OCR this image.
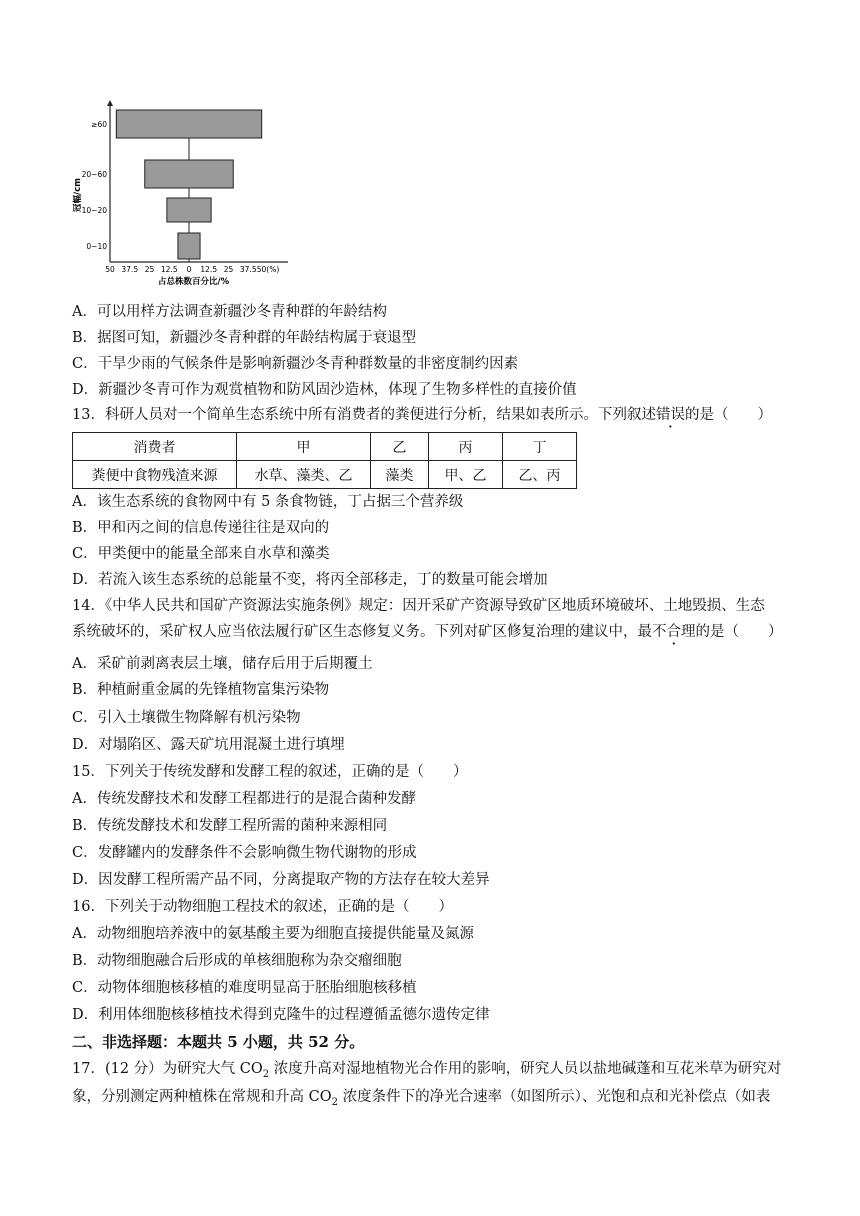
≥60
20~60
10~20
0~10
50 37.5 25 12.5 0 12.5 25 37.5 50(%)
冠幅/cm
占总株数百分比/%
A．可以用样方法调查新疆沙冬青种群的年龄结构
B．据图可知，新疆沙冬青种群的年龄结构属于衰退型
C．干旱少雨的气候条件是影响新疆沙冬青种群数量的非密度制约因素
D．新疆沙冬青可作为观赏植物和防风固沙造林，体现了生物多样性的直接价值
13．科研人员对一个简单生态系统中所有消费者的粪便进行分析，结果如表所示。下列叙述错误的是（　　）
消费者	甲	乙	丙	丁
粪便中食物残渣来源	水草、藻类、乙	藻类	甲、乙	乙、丙
A．该生态系统的食物网中有 5 条食物链，丁占据三个营养级
B．甲和丙之间的信息传递往往是双向的
C．甲类便中的能量全部来自水草和藻类
D．若流入该生态系统的总能量不变，将丙全部移走，丁的数量可能会增加
14．《中华人民共和国矿产资源法实施条例》规定：因开采矿产资源导致矿区地质环境破坏、土地毁损、生态
系统破坏的，采矿权人应当依法履行矿区生态修复义务。下列对矿区修复治理的建议中，最不合理的是（　　）
A．采矿前剥离表层土壤，储存后用于后期覆土
B．种植耐重金属的先锋植物富集污染物
C．引入土壤微生物降解有机污染物
D．对塌陷区、露天矿坑用混凝土进行填埋
15．下列关于传统发酵和发酵工程的叙述，正确的是（　　）
A．传统发酵技术和发酵工程都进行的是混合菌种发酵
B．传统发酵技术和发酵工程所需的菌种来源相同
C．发酵罐内的发酵条件不会影响微生物代谢物的形成
D．因发酵工程所需产品不同，分离提取产物的方法存在较大差异
16．下列关于动物细胞工程技术的叙述，正确的是（　　）
A．动物细胞培养液中的氨基酸主要为细胞直接提供能量及氮源
B．动物细胞融合后形成的单核细胞称为杂交瘤细胞
C．动物体细胞核移植的难度明显高于胚胎细胞核移植
D．利用体细胞核移植技术得到克隆牛的过程遵循孟德尔遗传定律
二、非选择题：本题共 5 小题，共 52 分。
17．(12 分）为研究大气 $CO_2$ 浓度升高对湿地植物光合作用的影响，研究人员以盐地碱蓬和互花米草为研究对
象，分别测定两种植株在常规和升高 $CO_2$ 浓度条件下的净光合速率（如图所示）、光饱和点和光补偿点（如表
